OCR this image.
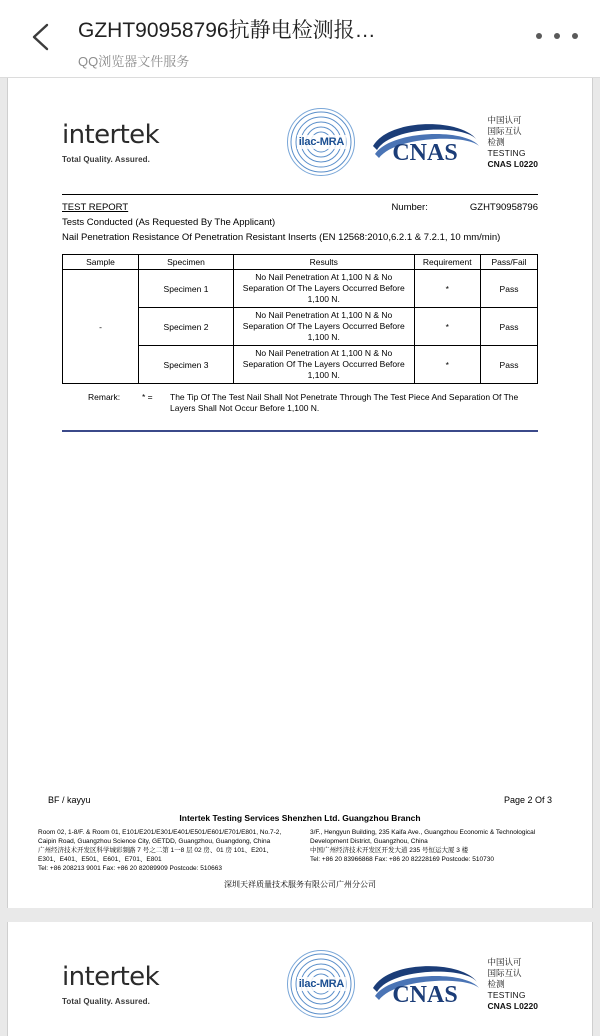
GZHT90958796抗静电检测报…
QQ浏览器文件服务
intertek
Total Quality. Assured.
ilac-MRA CNAS
中国认可
国际互认
检测
TESTING
CNAS L0220
TEST REPORT	Number:	GZHT90958796
Tests Conducted (As Requested By The Applicant)
Nail Penetration Resistance Of Penetration Resistant Inserts (EN 12568:2010,6.2.1 & 7.2.1, 10 mm/min)
Sample	Specimen	Results	Requirement	Pass/Fail
-	Specimen 1	No Nail Penetration At 1,100 N & No Separation Of The Layers Occurred Before 1,100 N.	*	Pass
	Specimen 2	No Nail Penetration At 1,100 N & No Separation Of The Layers Occurred Before 1,100 N.	*	Pass
	Specimen 3	No Nail Penetration At 1,100 N & No Separation Of The Layers Occurred Before 1,100 N.	*	Pass
Remark:	* =	The Tip Of The Test Nail Shall Not Penetrate Through The Test Piece And Separation Of The Layers Shall Not Occur Before 1,100 N.
BF / kayyu	Page 2 Of 3
Intertek Testing Services Shenzhen Ltd. Guangzhou Branch
Room 02, 1-8/F. & Room 01, E101/E201/E301/E401/E501/E601/E701/E801, No.7-2, Caipin Road, Guangzhou Science City, GETDD, Guangzhou, Guangdong, China
广州经济技术开发区科学城彩频路 7 号之二第 1一8 层 02 房、01 房 101、E201、E301、E401、E501、E601、E701、E801
Tel: +86 208213 9001 Fax: +86 20 82089909 Postcode: 510663
3/F., Hengyun Building, 235 Kaifa Ave., Guangzhou Economic & Technological Development District, Guangzhou, China
中国广州经济技术开发区开发大道 235 号恒运大厦 3 楼
Tel: +86 20 83966868 Fax: +86 20 82228169 Postcode: 510730
深圳天祥质量技术服务有限公司广州分公司
intertek
Total Quality. Assured.
ilac-MRA CNAS
中国认可
国际互认
检测
TESTING
CNAS L0220
